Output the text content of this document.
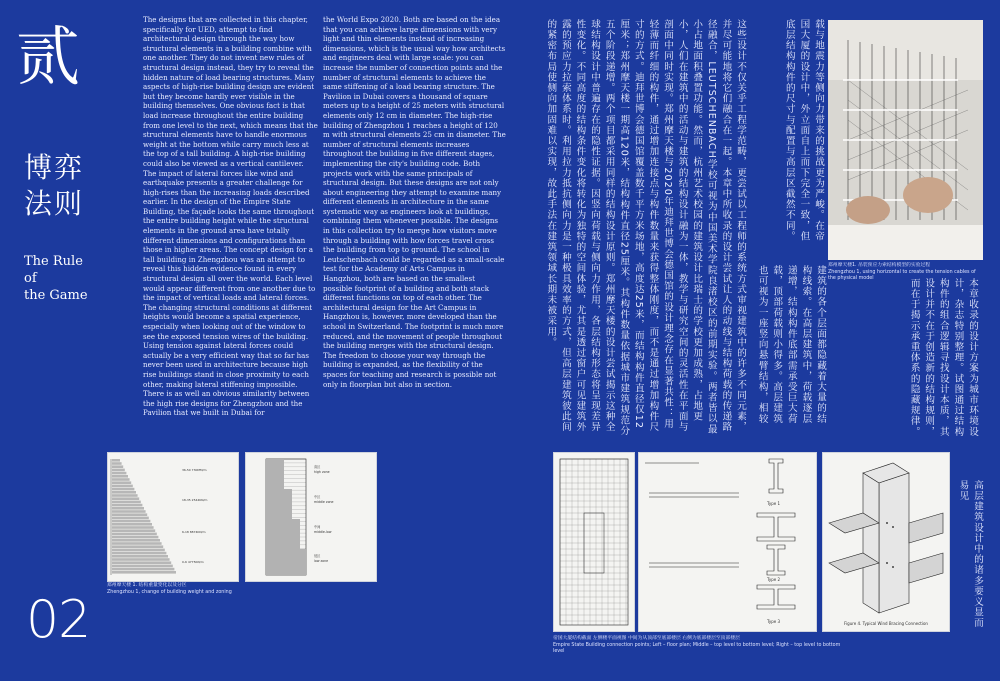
贰
博弈
法则
The Rule
of
the Game
02
The designs that are collected in this chapter, specifically for UED, attempt to find architectural design through the way how structural elements in a building combine with one another. They do not invent new rules of structural design instead, they try to reveal the hidden nature of load bearing structures. Many aspects of high-rise building design are evident but they become hardly ever visible in the building themselves. One obvious fact is that load increase throughout the entire building from one level to the next, which means that the structural elements have to handle enormous weight at the bottom while carry much less at the top of a tall building. A high-rise building could also be viewed as a vertical cantilever. The impact of lateral forces like wind and earthquake presents a greater challenge for high-rises than the increasing loads described earlier. In the design of the Empire State Building, the façade looks the same throughout the entire building height while the structural elements in the ground area have totally different dimensions and configurations than those in higher areas. The concept design for a tall building in Zhengzhou was an attempt to reveal this hidden evidence found in every structural design all over the world. Each level would appear different from one another due to the impact of vertical loads and lateral forces. The changing structural conditions at different heights would become a spatial experience, especially when looking out of the window to see the exposed tension wires of the building. Using tension against lateral forces could actually be a very efficient way that so far has never been used in architecture because high rise buildings stand in close proximity to each other, making lateral stiffening impossible. There is as well an obvious similarity between the high rise designs for Zhengzhou and the Pavilion that we built in Dubai for
the World Expo 2020. Both are based on the idea that you can achieve large dimensions with very light and thin elements instead of increasing dimensions, which is the usual way how architects and engineers deal with large scale: you can increase the number of connection points and the number of structural elements to achieve the same stiffening of a load bearing structure. The Pavilion in Dubai covers a thousand of square meters up to a height of 25 meters with structural elements only 12 cm in diameter. The high-rise building of Zhengzhou 1 reaches a height of 120 m with structural elements 25 cm in diameter. The number of structural elements increases throughout the building in five different stages, implementing the city's building code. Both projects work with the same principals of structural design. But these designs are not only about engineering they attempt to examine many different elements in architecture in the same systematic way as engineers look at buildings, combining them whenever possible. The designs in this collection try to merge how visitors move through a building with how forces travel cross the building from top to ground. The school in Leutschenbach could be regarded as a small-scale test for the Academy of Arts Campus in Hangzhou, both are based on the smallest possible footprint of a building and both stack different functions on top of each other. The architectural design for the Art Campus in Hangzhou is, however, more developed than the school in Switzerland. The footprint is much more reduced, and the movement of people throughout the building merges with the structural design. The freedom to choose your way through the building is expanded, as the flexibility of the spaces for teaching and research is possible not only in floorplan but also in section.	这些设计不仅关乎工程学范畴，更尝试以工程师的系统方式审视建筑中的许多不同元素，并尽可能地将它们融合在一起。本章中所收录的设计尝试让人的动线与结构荷载的传递路径融合，LEUTSCHENBACH学校可视为中国美术学院良渚校区的前期实验。两者皆以最小占地面积叠置功能。然而，杭州艺术校园的建筑设计比瑞士的学校更加成熟，占地更小，人们在建筑中的活动与建筑的结构设计融为一体，教学与研究空间的灵活性在平面与剖面中同时实现。郑州摩天楼与2020年迪拜世博会德国馆的设计理念存在显著共性：用轻薄而纤细的构件，通过增加连接点与构件数量来获得整体刚度，而不是通过增加构件尺寸的方式。迪拜世博会德国馆覆盖数千平方米场地，高度达25米，而结构构件直径仅12厘米；郑州摩天楼一期高120米，结构构件直径25厘米。其构件数量依据城市建筑规范分五个阶段递增。两个项目都采用同样的结构设计原则。郑州摩天楼的设计尝试揭示这种全球结构设计中普遍存在的隐性证据。因竖向荷载与侧向力作用，各层结构形态将呈现差异性变化。不同高度的结构条件变化将转化为独特的空间体验，尤其是透过窗户可见建筑外露的预应力拉索体系时。利用拉力抵抗侧向力是一种极具效率的方式，但高层建筑彼此间的紧密布局使侧向加固难以实现，故此手法在建筑领域长期未被采用。	载与地震力等侧向力带来的挑战更为严峻。在帝国大厦的设计中，外立面自上而下完全一致，但底层结构构件的尺寸与配置与高层区截然不同。
建筑的各个层面都隐藏着大量的结构线索。在高层建筑中，荷载逐层递增，结构构件底部需承受巨大荷载，顶部荷载则小得多。高层建筑也可视为一座竖向悬臂结构，相较	本章收录的设计方案为城市环境设计，杂志特别整理。试图通过结构构件的组合逻辑寻找设计本质，其设计并不在于创造新的结构规则，而在于揭示承重体系的隐藏规律。
高层建筑设计中的诸多要义显而易见
郑州摩天楼1. 吊装预应力索结构模型的实验过程
Zhengzhou 1, using horizontal to create the tension cables of the physical model
36-50 730MM/m
18-35 2544KN/m
6-18 8874KN/m
0-6 4775KN/m
高区
high zone
中区
middle zone
中间
middle-low
低区
low zone
郑州摩天楼 1. 结构重量变化以及分区
Zhengzhou 1, change of building weight and zoning
Type 1
Type 2
Type 3	Figure 4. Typical Wind Bracing Connection
帝国大厦结构截面 左侧楼平面视图 中间为从顶部至底部楼层 右侧为底部楼层至顶部楼层
Empire State Building connection points; Left – floor plan; Middle – top level to bottom level; Right – top level to bottom level
